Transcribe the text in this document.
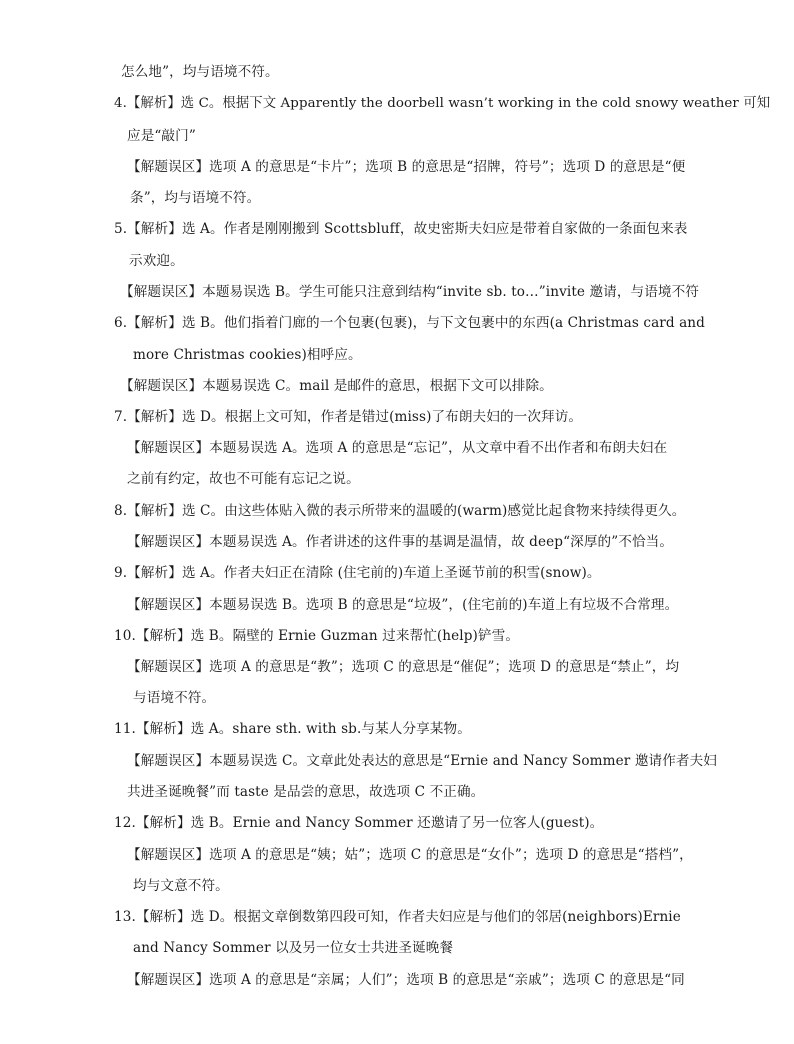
怎么地”，均与语境不符。
4.【解析】选 C。根据下文 Apparently the doorbell wasn’t working in the cold snowy weather 可知
应是“敲门”
【解题误区】选项 A 的意思是“卡片”；选项 B 的意思是“招牌，符号”；选项 D 的意思是“便
条”，均与语境不符。
5.【解析】选 A。作者是刚刚搬到 Scottsbluff，故史密斯夫妇应是带着自家做的一条面包来表
示欢迎。
【解题误区】本题易误选 B。学生可能只注意到结构“invite sb. to…”invite 邀请，与语境不符
6.【解析】选 B。他们指着门廊的一个包裹(包裹)，与下文包裹中的东西(a Christmas card and
more Christmas cookies)相呼应。
【解题误区】本题易误选 C。mail 是邮件的意思，根据下文可以排除。
7.【解析】选 D。根据上文可知，作者是错过(miss)了布朗夫妇的一次拜访。
【解题误区】本题易误选 A。选项 A 的意思是“忘记”，从文章中看不出作者和布朗夫妇在
之前有约定，故也不可能有忘记之说。
8.【解析】选 C。由这些体贴入微的表示所带来的温暖的(warm)感觉比起食物来持续得更久。
【解题误区】本题易误选 A。作者讲述的这件事的基调是温情，故 deep“深厚的”不恰当。
9.【解析】选 A。作者夫妇正在清除 (住宅前的)车道上圣诞节前的积雪(snow)。
【解题误区】本题易误选 B。选项 B 的意思是“垃圾”，(住宅前的)车道上有垃圾不合常理。
10.【解析】选 B。隔壁的 Ernie Guzman 过来帮忙(help)铲雪。
【解题误区】选项 A 的意思是“教”；选项 C 的意思是“催促”；选项 D 的意思是“禁止”，均
与语境不符。
11.【解析】选 A。share sth. with sb.与某人分享某物。
【解题误区】本题易误选 C。文章此处表达的意思是“Ernie and Nancy Sommer 邀请作者夫妇
共进圣诞晚餐”而 taste 是品尝的意思，故选项 C 不正确。
12.【解析】选 B。Ernie and Nancy Sommer 还邀请了另一位客人(guest)。
【解题误区】选项 A 的意思是“姨；姑”；选项 C 的意思是“女仆”；选项 D 的意思是“搭档”，
均与文意不符。
13.【解析】选 D。根据文章倒数第四段可知，作者夫妇应是与他们的邻居(neighbors)Ernie
and Nancy Sommer 以及另一位女士共进圣诞晚餐
【解题误区】选项 A 的意思是“亲属；人们”；选项 B 的意思是“亲戚”；选项 C 的意思是“同
